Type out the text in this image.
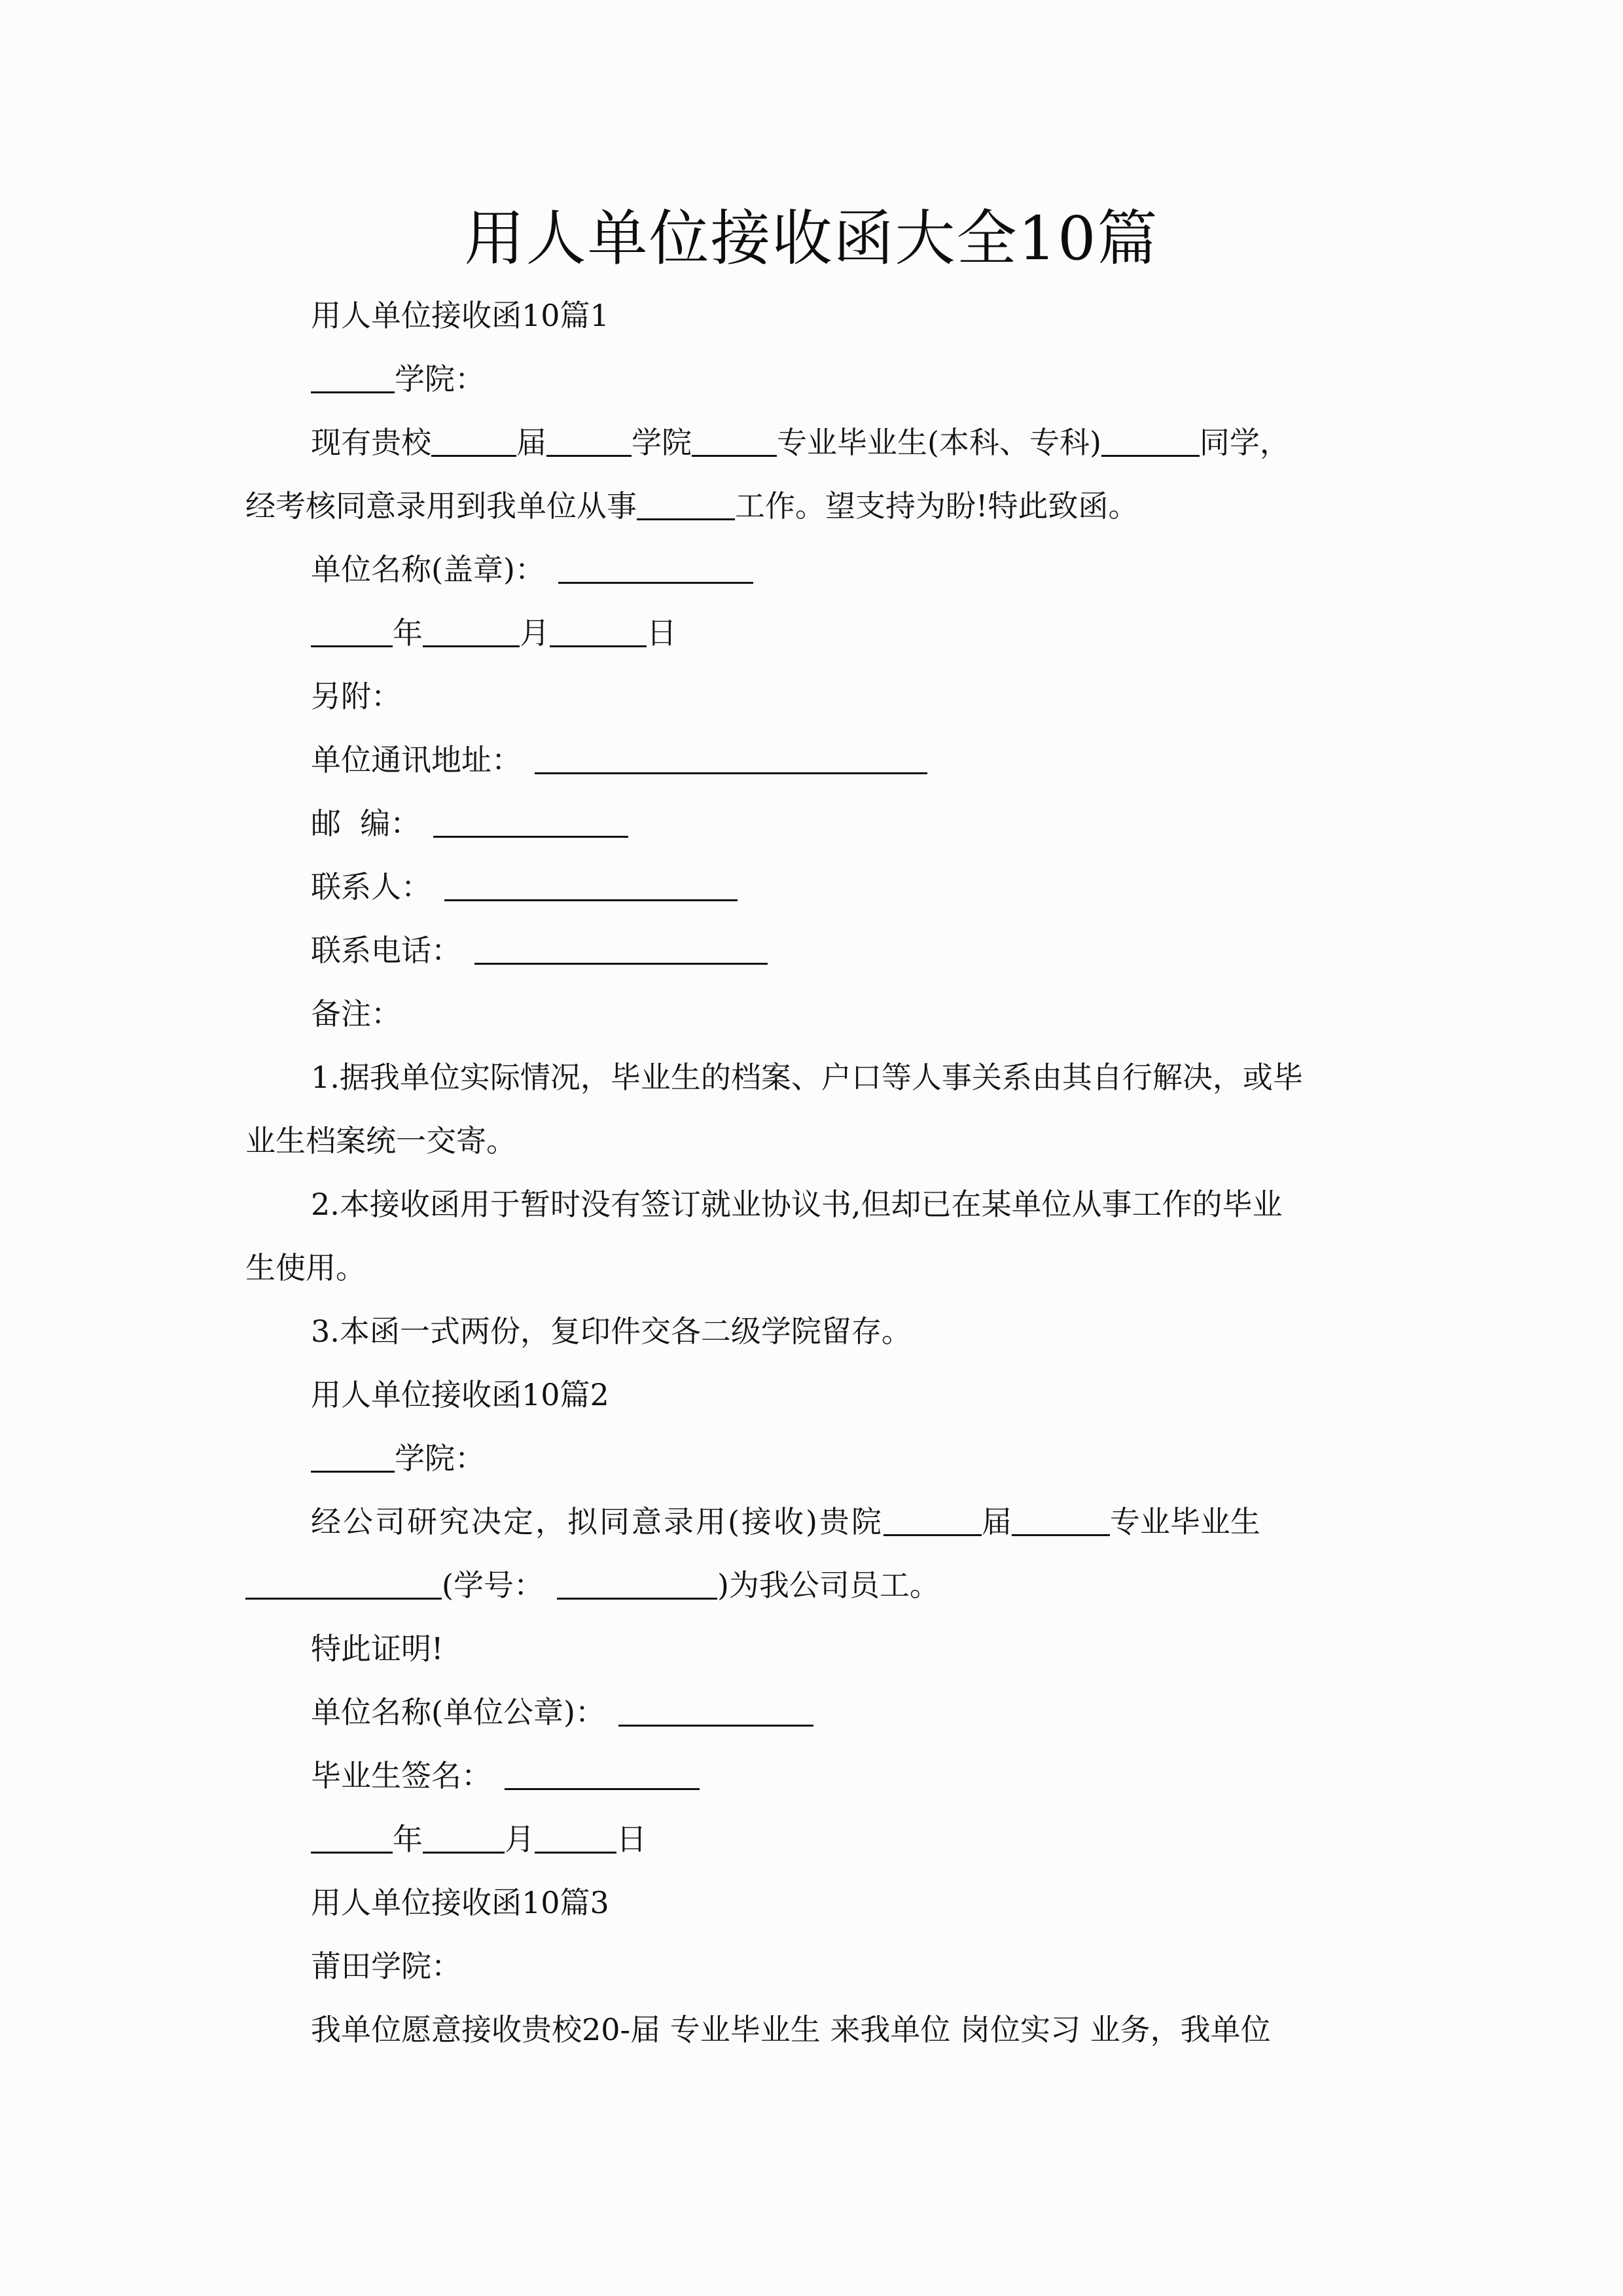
用人单位接收函大全10篇
用人单位接收函10篇1
学院：
现有贵校	届	学院	专业毕业生(本科、专科)	同学，
经考核同意录用到我单位从事	工作。望支持为盼!特此致函。
单位名称(盖章)：
年	月	日
另附：
单位通讯地址：
邮  编：
联系人：
联系电话：
备注：
1.据我单位实际情况，毕业生的档案、户口等人事关系由其自行解决，或毕
业生档案统一交寄。
2.本接收函用于暂时没有签订就业协议书,但却已在某单位从事工作的毕业
生使用。
3.本函一式两份，复印件交各二级学院留存。
用人单位接收函10篇2
学院：
经公司研究决定，拟同意录用(接收)贵院	届	专业毕业生
(学号：	)为我公司员工。
特此证明!
单位名称(单位公章)：
毕业生签名：
年	月	日
用人单位接收函10篇3
莆田学院：
我单位愿意接收贵校20-届 专业毕业生 来我单位 岗位实习 业务，我单位
